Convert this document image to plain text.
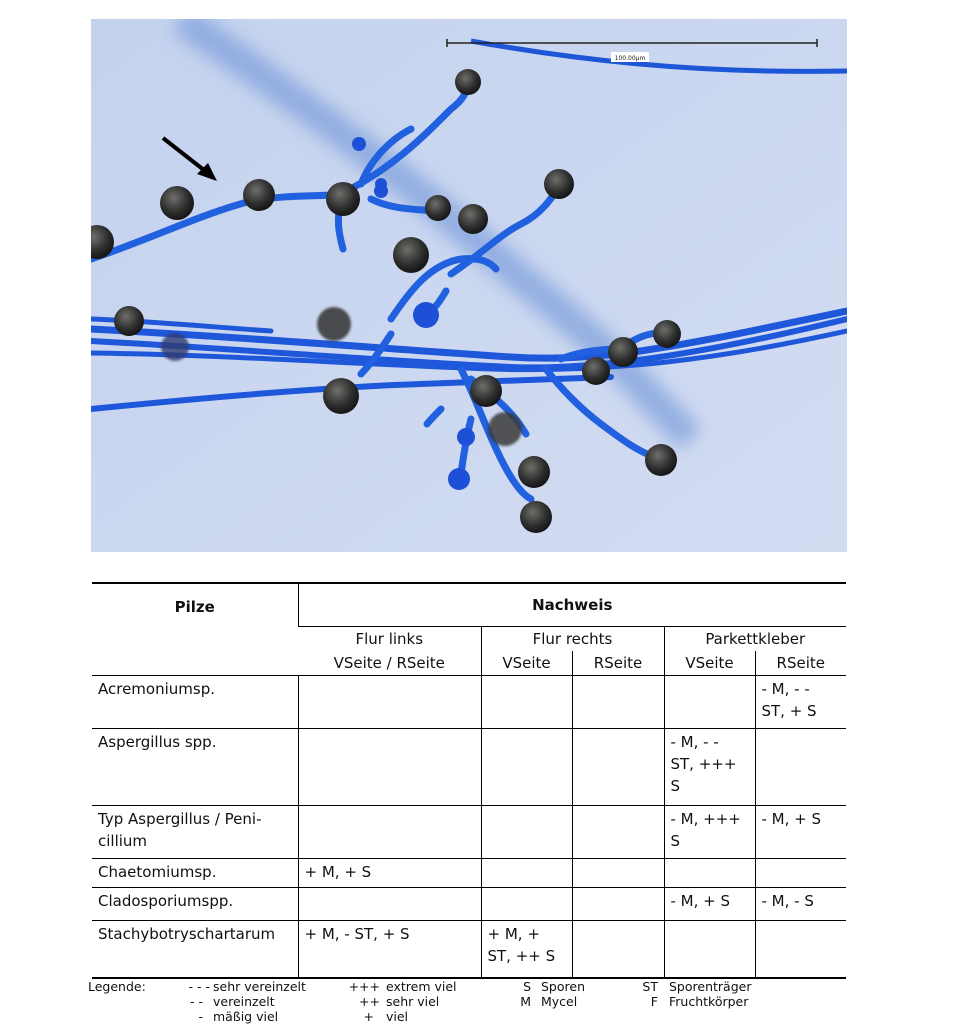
100.00µm
Pilze	Nachweis				
	Flur links	Flur rechts		Parkettkleber	
	VSeite / RSeite	VSeite	RSeite	VSeite	RSeite
Acremoniumsp.					- M, - -
ST, + S
Aspergillus spp.				- M, - -
ST, +++
S	
Typ Aspergillus / Peni-
cillium				- M, +++
S	- M, + S
Chaetomiumsp.	+ M, + S				
Cladosporiumspp.				- M, + S	- M, - S
Stachybotryschartarum	+ M, - ST, + S	+ M, +
ST, ++ S			
Legende:	- - - sehr vereinzelt
- - vereinzelt
- mäßig viel
+++ extrem viel
++ sehr viel
+ viel
S Sporen
M Mycel
ST Sporenträger
F Fruchtkörper
